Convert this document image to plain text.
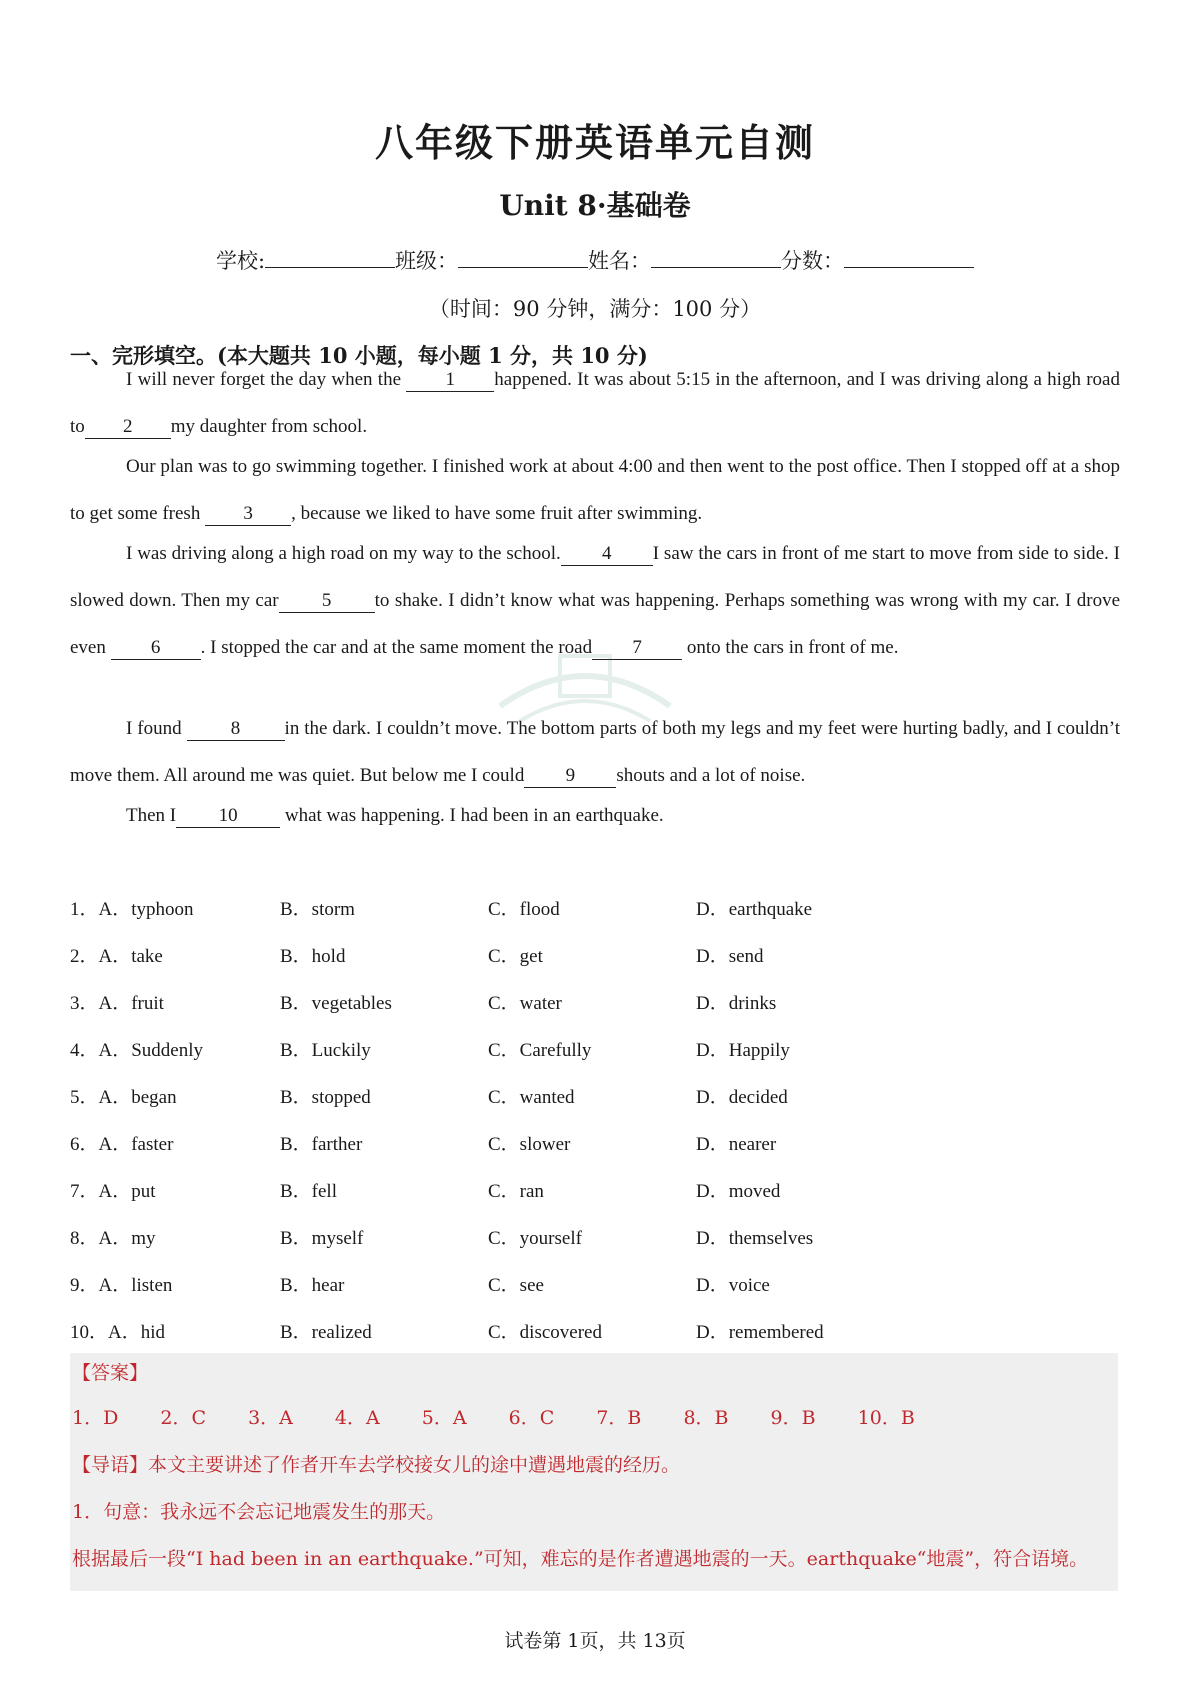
八年级下册英语单元自测
Unit 8·基础卷
学校:	班级：	姓名：	分数：
（时间：90 分钟，满分：100 分）
一、完形填空。(本大题共 10 小题，每小题 1 分，共 10 分)
I will never forget the day when the 1 happened. It was about 5:15 in the afternoon, and I was driving along a high road to 2 my daughter from school.
Our plan was to go swimming together. I finished work at about 4:00 and then went to the post office. Then I stopped off at a shop to get some fresh 3 , because we liked to have some fruit after swimming.
I was driving along a high road on my way to the school. 4 I saw the cars in front of me start to move from side to side. I slowed down. Then my car 5 to shake. I didn’t know what was happening. Perhaps something was wrong with my car. I drove even 6 . I stopped the car and at the same moment the road 7 onto the cars in front of me.
I found 8 in the dark. I couldn’t move. The bottom parts of both my legs and my feet were hurting badly, and I couldn’t move them. All around me was quiet. But below me I could 9 shouts and a lot of noise.
Then I 10 what was happening. I had been in an earthquake.
1．A．typhoon	B．storm	C．flood	D．earthquake
2．A．take	B．hold	C．get	D．send
3．A．fruit	B．vegetables	C．water	D．drinks
4．A．Suddenly	B．Luckily	C．Carefully	D．Happily
5．A．began	B．stopped	C．wanted	D．decided
6．A．faster	B．farther	C．slower	D．nearer
7．A．put	B．fell	C．ran	D．moved
8．A．my	B．myself	C．yourself	D．themselves
9．A．listen	B．hear	C．see	D．voice
10．A．hid	B．realized	C．discovered	D．remembered
【答案】
1．D 2．C 3．A 4．A 5．A 6．C 7．B 8．B 9．B 10．B
【导语】本文主要讲述了作者开车去学校接女儿的途中遭遇地震的经历。
1．句意：我永远不会忘记地震发生的那天。
根据最后一段“I had been in an earthquake.”可知，难忘的是作者遭遇地震的一天。earthquake“地震”，符合语境。
试卷第 1页，共 13页
